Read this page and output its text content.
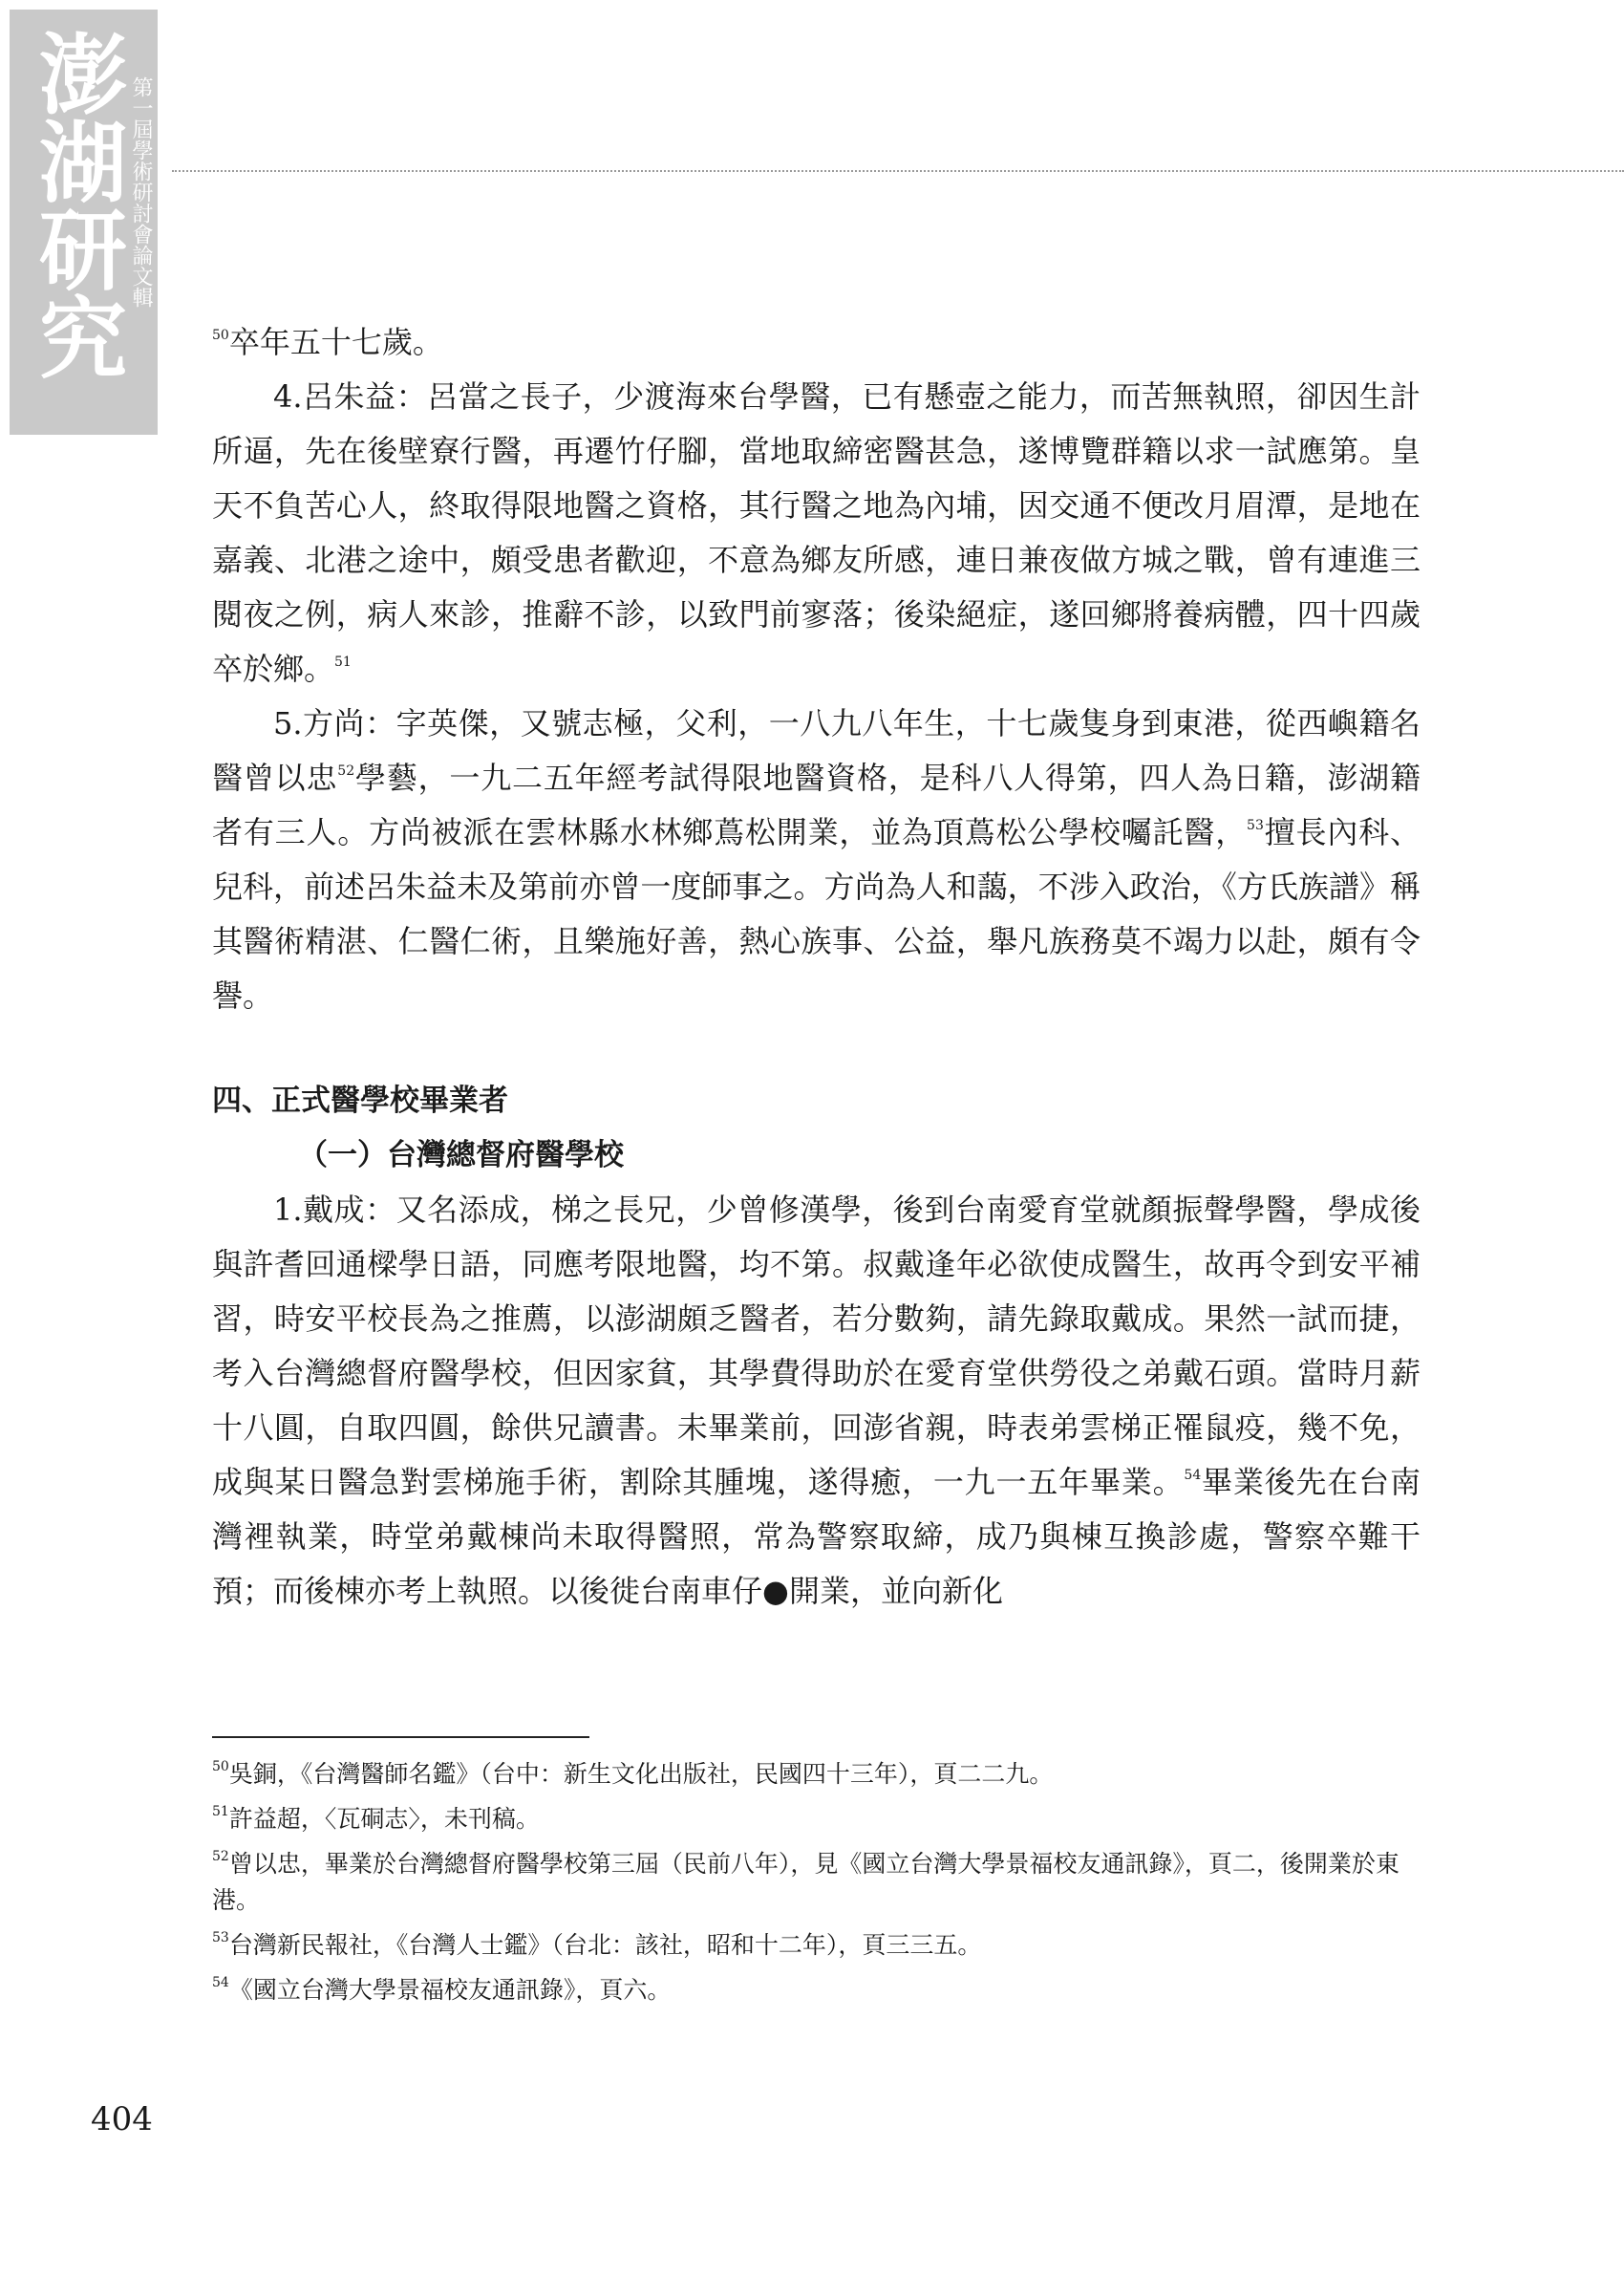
澎湖研究 第一屆學術研討會論文輯

$^{50}$卒年五十七歲。

4.呂朱益：呂當之長子，少渡海來台學醫，已有懸壺之能力，而苦無執照，卻因生計所逼，先在後壁寮行醫，再遷竹仔腳，當地取締密醫甚急，遂博覽群籍以求一試應第。皇天不負苦心人，終取得限地醫之資格，其行醫之地為內埔，因交通不便改月眉潭，是地在嘉義、北港之途中，頗受患者歡迎，不意為鄉友所感，連日兼夜做方城之戰，曾有連進三閱夜之例，病人來診，推辭不診，以致門前寥落；後染絕症，遂回鄉將養病體，四十四歲卒於鄉。$^{51}$

5.方尚：字英傑，又號志極，父利，一八九八年生，十七歲隻身到東港，從西嶼籍名醫曾以忠$^{52}$學藝，一九二五年經考試得限地醫資格，是科八人得第，四人為日籍，澎湖籍者有三人。方尚被派在雲林縣水林鄉蔦松開業，並為頂蔦松公學校囑託醫，$^{53}$擅長內科、兒科，前述呂朱益未及第前亦曾一度師事之。方尚為人和藹，不涉入政治，《方氏族譜》稱其醫術精湛、仁醫仁術，且樂施好善，熱心族事、公益，舉凡族務莫不竭力以赴，頗有令譽。

四、正式醫學校畢業者

（一）台灣總督府醫學校

1.戴成：又名添成，梯之長兄，少曾修漢學，後到台南愛育堂就顏振聲學醫，學成後與許耆回通樑學日語，同應考限地醫，均不第。叔戴逢年必欲使成醫生，故再令到安平補習，時安平校長為之推薦，以澎湖頗乏醫者，若分數夠，請先錄取戴成。果然一試而捷，考入台灣總督府醫學校，但因家貧，其學費得助於在愛育堂供勞役之弟戴石頭。當時月薪十八圓，自取四圓，餘供兄讀書。未畢業前，回澎省親，時表弟雲梯正罹鼠疫，幾不免，成與某日醫急對雲梯施手術，割除其腫塊，遂得癒，一九一五年畢業。$^{54}$畢業後先在台南灣裡執業，時堂弟戴棟尚未取得醫照，常為警察取締，成乃與棟互換診處，警察卒難干預；而後棟亦考上執照。以後徙台南車仔●開業，並向新化

$^{50}$吳銅，《台灣醫師名鑑》（台中：新生文化出版社，民國四十三年），頁二二九。

$^{51}$許益超，〈瓦硐志〉，未刊稿。

$^{52}$曾以忠，畢業於台灣總督府醫學校第三屆（民前八年），見《國立台灣大學景福校友通訊錄》，頁二，後開業於東港。

$^{53}$台灣新民報社，《台灣人士鑑》（台北：該社，昭和十二年），頁三三五。

$^{54}$《國立台灣大學景福校友通訊錄》，頁六。

404
